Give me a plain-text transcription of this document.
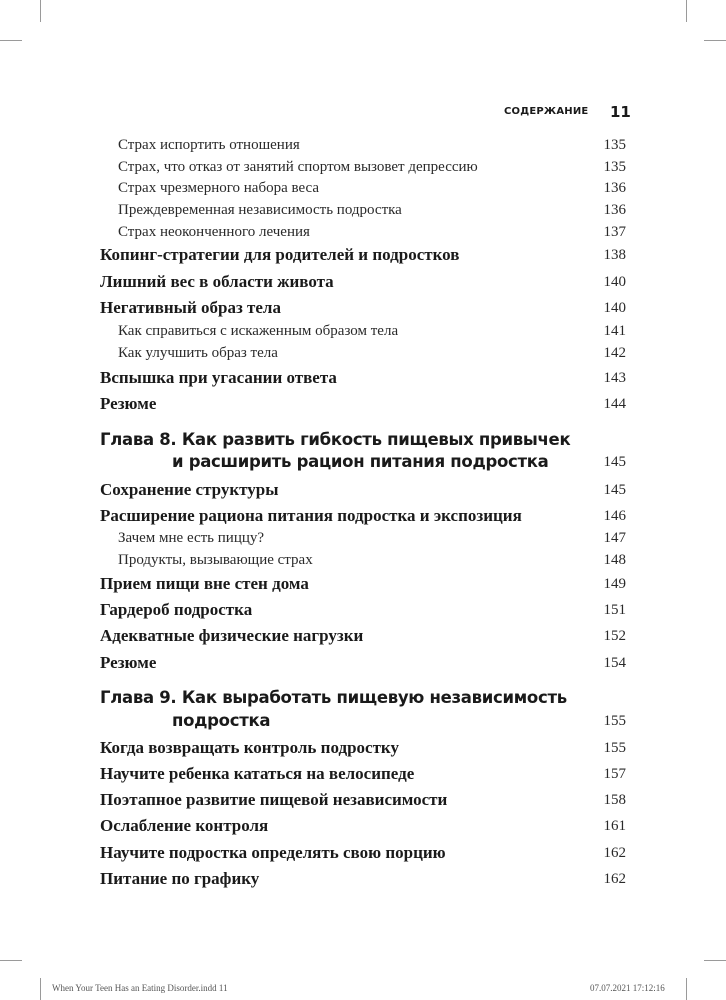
СОДЕРЖАНИЕ 11
Страх испортить отношения	135
Страх, что отказ от занятий спортом вызовет депрессию	135
Страх чрезмерного набора веса	136
Преждевременная независимость подростка	136
Страх неоконченного лечения	137
Копинг-стратегии для родителей и подростков	138
Лишний вес в области живота	140
Негативный образ тела	140
Как справиться с искаженным образом тела	141
Как улучшить образ тела	142
Вспышка при угасании ответа	143
Резюме	144
Глава 8. Как развить гибкость пищевых привычек
и расширить рацион питания подростка	145
Сохранение структуры	145
Расширение рациона питания подростка и экспозиция	146
Зачем мне есть пиццу?	147
Продукты, вызывающие страх	148
Прием пищи вне стен дома	149
Гардероб подростка	151
Адекватные физические нагрузки	152
Резюме	154
Глава 9. Как выработать пищевую независимость
подростка	155
Когда возвращать контроль подростку	155
Научите ребенка кататься на велосипеде	157
Поэтапное развитие пищевой независимости	158
Ослабление контроля	161
Научите подростка определять свою порцию	162
Питание по графику	162
When Your Teen Has an Eating Disorder.indd 11	07.07.2021 17:12:16
